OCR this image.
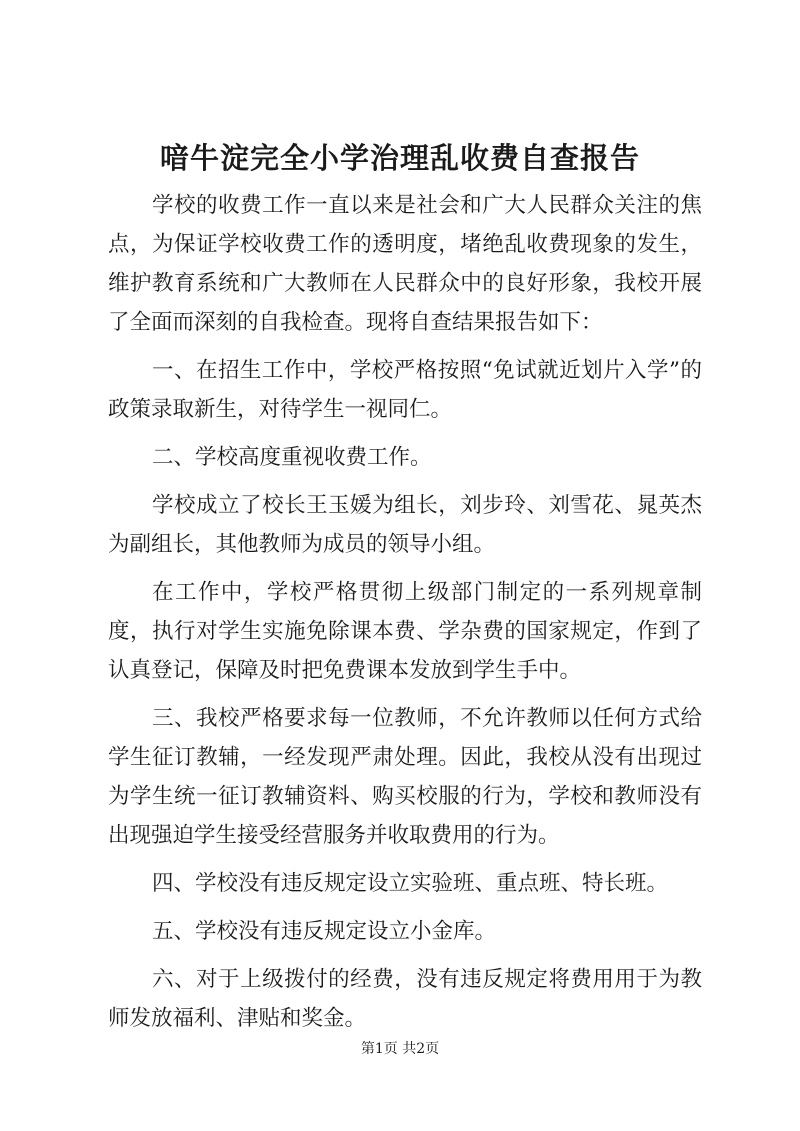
喑牛淀完全小学治理乱收费自查报告

学校的收费工作一直以来是社会和广大人民群众关注的焦点，为保证学校收费工作的透明度，堵绝乱收费现象的发生，维护教育系统和广大教师在人民群众中的良好形象，我校开展了全面而深刻的自我检查。现将自查结果报告如下：

一、在招生工作中，学校严格按照“免试就近划片入学”的政策录取新生，对待学生一视同仁。

二、学校高度重视收费工作。

学校成立了校长王玉媛为组长，刘步玲、刘雪花、晁英杰为副组长，其他教师为成员的领导小组。

在工作中，学校严格贯彻上级部门制定的一系列规章制度，执行对学生实施免除课本费、学杂费的国家规定，作到了认真登记，保障及时把免费课本发放到学生手中。

三、我校严格要求每一位教师，不允许教师以任何方式给学生征订教辅，一经发现严肃处理。因此，我校从没有出现过为学生统一征订教辅资料、购买校服的行为，学校和教师没有出现强迫学生接受经营服务并收取费用的行为。

四、学校没有违反规定设立实验班、重点班、特长班。

五、学校没有违反规定设立小金库。

六、对于上级拨付的经费，没有违反规定将费用用于为教师发放福利、津贴和奖金。

第1页 共2页
